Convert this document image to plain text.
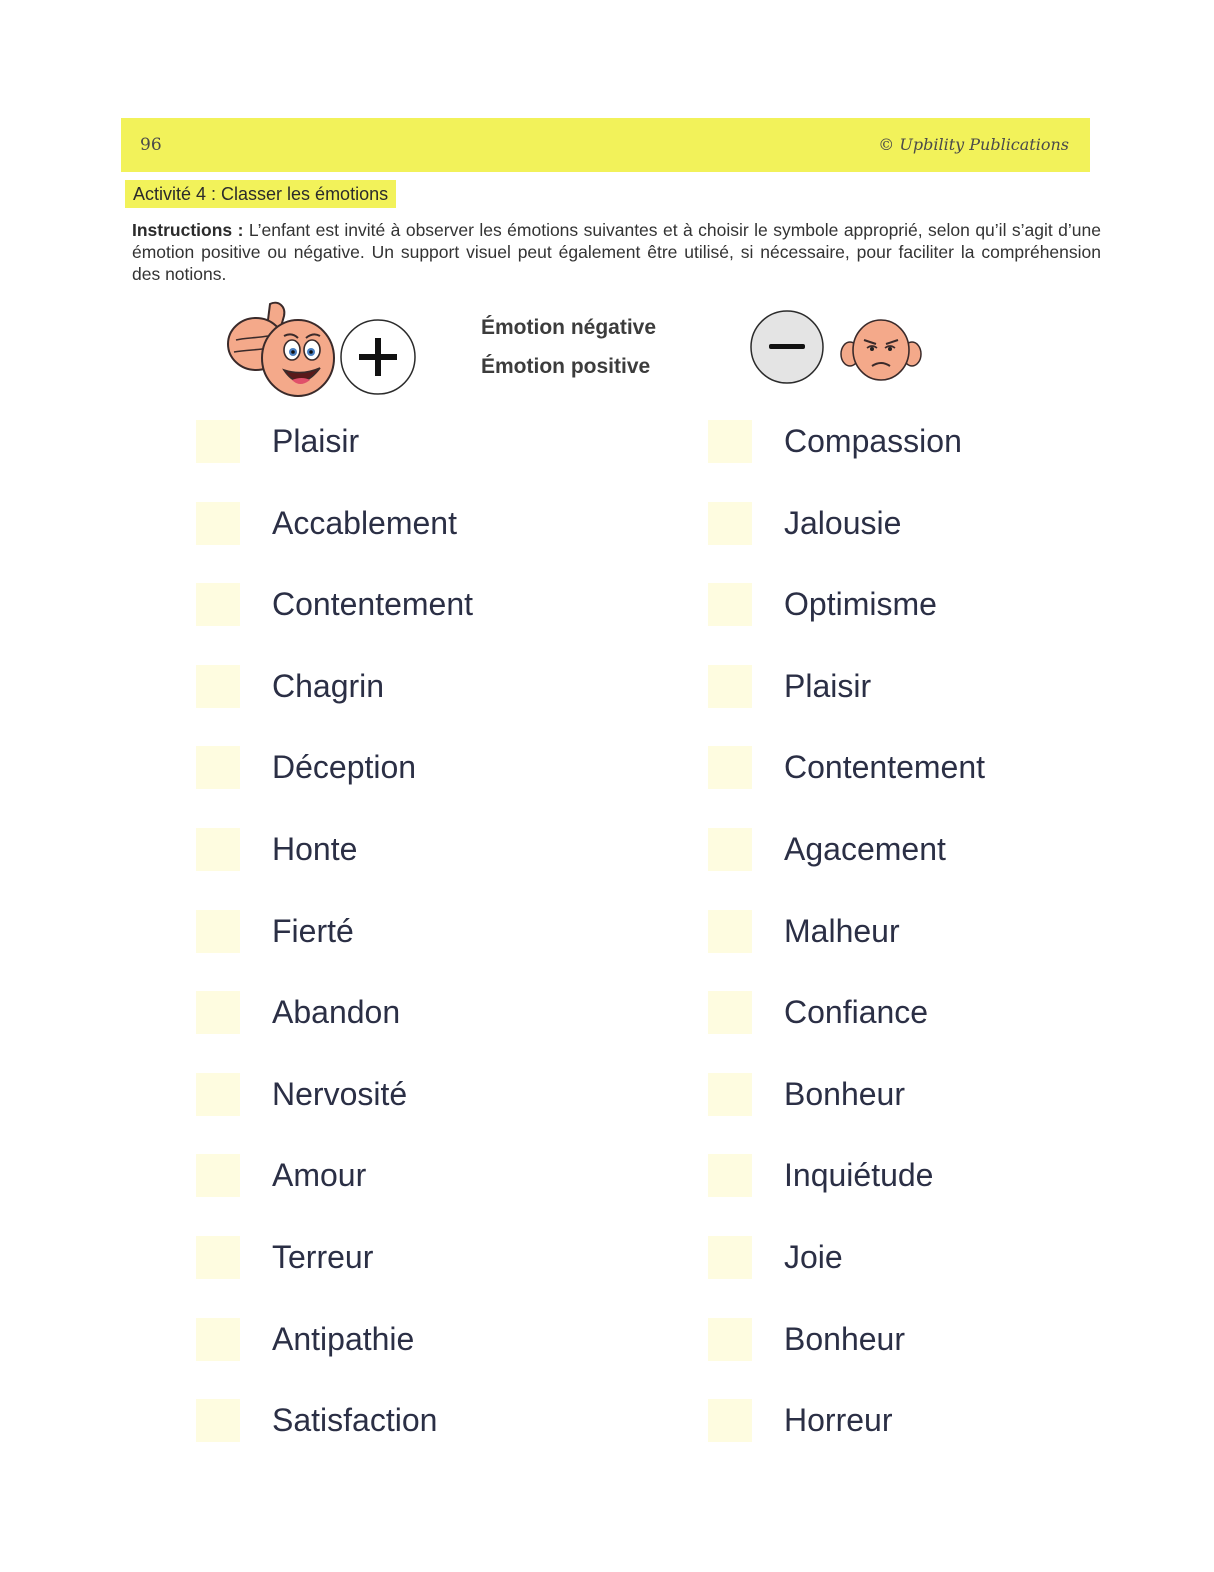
96	© Upbility Publications
Activité 4 : Classer les émotions

Instructions : L’enfant est invité à observer les émotions suivantes et à choisir le symbole approprié, selon qu’il s’agit d’une émotion positive ou négative. Un support visuel peut également être utilisé, si nécessaire, pour faciliter la compréhension des notions.

Émotion négative
Émotion positive
Plaisir
Accablement
Contentement
Chagrin
Déception
Honte
Fierté
Abandon
Nervosité
Amour
Terreur
Antipathie
Satisfaction
Compassion
Jalousie
Optimisme
Plaisir
Contentement
Agacement
Malheur
Confiance
Bonheur
Inquiétude
Joie
Bonheur
Horreur
